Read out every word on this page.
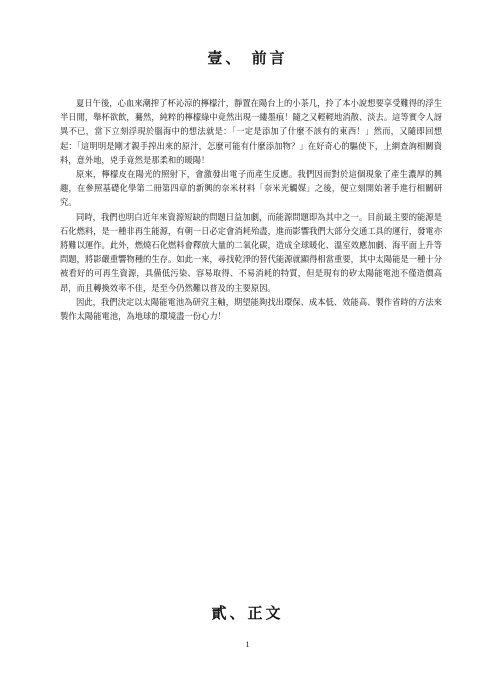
壹、 前言

夏日午後，心血來潮搾了杯沁涼的檸檬汁，靜置在陽台上的小茶几，拎了本小說想要享受難得的浮生半日閒，舉杯欲飲，驀然，純粹的檸檬綠中竟然出現一縷墨痕！隨之又輕輕地消散、淡去。這等實令人訝異不已，當下立刻浮現於腦海中的想法就是：「一定是添加了什麼不該有的東西！」然而，又隨即回想起：「這明明是剛才親手搾出來的原汁，怎麼可能有什麼添加物？」在好奇心的驅使下，上網查詢相關資料，意外地，兇手竟然是那柔和的暖陽！

原來，檸檬皮在陽光的照射下，會激發出電子而產生反應。我們因而對於這個現象了產生濃厚的興趣，在參照基礎化學第二冊第四章的新興的奈米材料「奈米光觸媒」之後，便立刻開始著手進行相關研究。

同時，我們也明白近年來資源短缺的問題日益加劇，而能源問題即為其中之一。目前最主要的能源是石化燃料，是一種非再生能源，有朝一日必定會消耗殆盡，進而影響我們大部分交通工具的運行，發電亦將難以運作。此外，燃燒石化燃料會釋放大量的二氧化碳，造成全球暖化、溫室效應加劇、海平面上升等問題，將影嚴重響物種的生存。如此一來，尋找乾淨的替代能源就顯得相當重要，其中太陽能是一種十分被看好的可再生資源，具備低污染、容易取得、不易消耗的特質，但是現有的矽太陽能電池不僅造價高昂，而且轉換效率不佳，是至今仍然難以普及的主要原因。

因此，我們決定以太陽能電池為研究主軸，期望能夠找出環保、成本低、效能高、製作省時的方法來製作太陽能電池，為地球的環境盡一份心力！

1
貳、正文
